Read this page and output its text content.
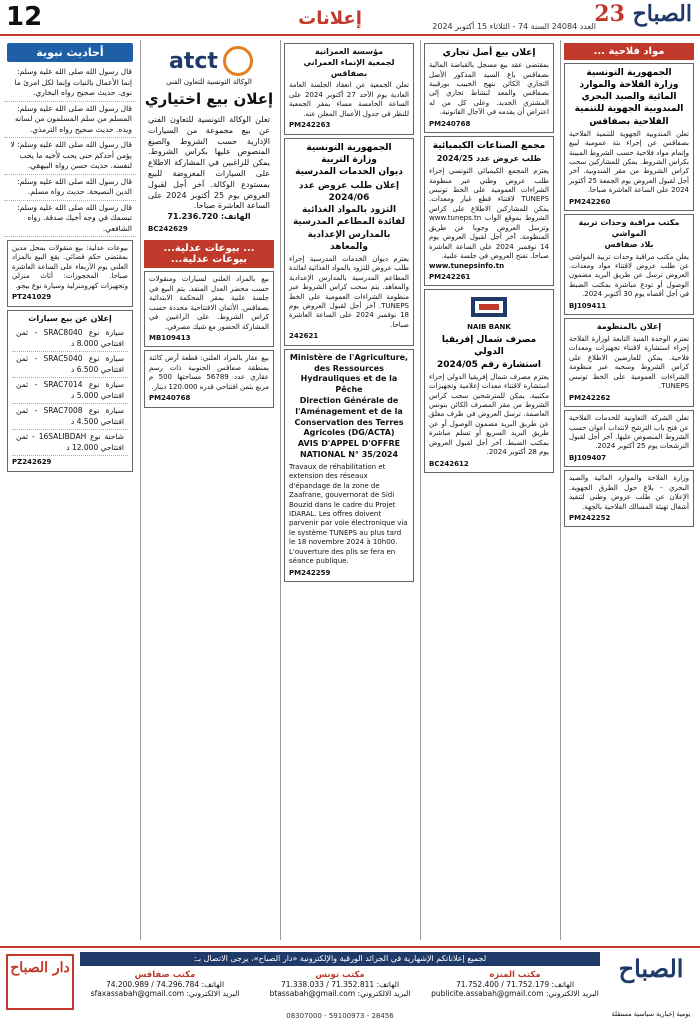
12	إعلانات	23 الصباح
العدد 24084 السنة 74 - الثلاثاء 15 أكتوبر 2024
مواد فلاحية ...
الجمهورية التونسية
وزارة الفلاحة والموارد المائية والصيد البحري
المندوبية الجهوية للتنمية الفلاحية بصفاقس
تعلن المندوبية الجهوية للتنمية الفلاحية بصفاقس عن إجراء بتة عمومية لبيع وإتمام مواد فلاحية حسب الشروط المبينة بكراس الشروط. يمكن للمشاركين سحب كراس الشروط من مقر المندوبية. آخر أجل لقبول العروض يوم الجمعة 25 أكتوبر 2024 على الساعة العاشرة صباحا.
PM242260
مكتب مراقبة وحدات تربية المواشي
بلاد صفاقس
يعلن مكتب مراقبة وحدات تربية المواشي عن طلب عروض لاقتناء مواد ومعدات. العروض ترسل عن طريق البريد مضمون الوصول أو تودع مباشرة بمكتب الضبط في أجل أقصاه يوم 30 أكتوبر 2024.
BJ109411
إعلان بالمنظومة
تعتزم الوحدة الفنية التابعة لوزارة الفلاحة إجراء استشارة لاقتناء تجهيزات ومعدات فلاحية. يمكن للعارضين الاطلاع على كراس الشروط وسحبه عبر منظومة الشراءات العمومية على الخط تونبس TUNEPS.
PM242262
تعلن الشركة التعاونية للخدمات الفلاحية عن فتح باب الترشح لانتداب أعوان حسب الشروط المنصوص عليها. آخر أجل لقبول الترشحات يوم 25 أكتوبر 2024.
BJ109407
وزارة الفلاحة والموارد المائية والصيد البحري - بلاغ حول الطرق الجهوية. الإعلان عن طلب عروض وطني لتنفيذ أشغال تهيئة المسالك الفلاحية بالجهة.
PM242252
إعلان بيع أصل تجاري
بمقتضى عقد بيع مسجل بالقباضة المالية بصفاقس باع السيد المذكور الأصل التجاري الكائن بنهج الحبيب بورقيبة بصفاقس والمعد لنشاط تجاري إلى المشتري الجديد. وعلى كل من له اعتراض أن يقدمه في الآجال القانونية.
PM240768
مجمع الصناعات الكيميائية
طلب عروض عدد 2024/25
يعتزم المجمع الكيميائي التونسي إجراء طلب عروض وطني عبر منظومة الشراءات العمومية على الخط تونبس TUNEPS لاقتناء قطع غيار ومعدات. يمكن للمشاركين الاطلاع على كراس الشروط بموقع الواب www.tuneps.tn وترسل العروض وجوبا عن طريق المنظومة. آخر أجل لقبول العروض يوم 14 نوفمبر 2024 على الساعة العاشرة صباحا. تفتح العروض في جلسة علنية.
www.tunepsinfo.tn
PM242261
NAIB BANK
مصرف شمال إفريقيا الدولي
استشارة رقم 2024/05
يعتزم مصرف شمال إفريقيا الدولي إجراء استشارة لاقتناء معدات إعلامية وتجهيزات مكتبية. يمكن للمترشحين سحب كراس الشروط من مقر المصرف الكائن بتونس العاصمة. ترسل العروض في ظرف مغلق عن طريق البريد مضمون الوصول أو عن طريق البريد السريع أو تسلم مباشرة بمكتب الضبط. آخر أجل لقبول العروض يوم 28 أكتوبر 2024.
BC242612
مؤسسة العمرانية
لجمعية الإنماء العمراني بصفاقس
تعلن الجمعية عن انعقاد الجلسة العامة العادية يوم الأحد 27 أكتوبر 2024 على الساعة الخامسة مساء بمقر الجمعية للنظر في جدول الأعمال المعلن عنه.
PM242263
الجمهورية التونسية
وزارة التربية
ديوان الخدمات المدرسية
إعلان طلب عروض عدد 2024/06
التزود بالمواد الغذائية لفائدة المطاعم المدرسية
بالمدارس الإعدادية والمعاهد
يعتزم ديوان الخدمات المدرسية إجراء طلب عروض للتزود بالمواد الغذائية لفائدة المطاعم المدرسية بالمدارس الإعدادية والمعاهد. يتم سحب كراس الشروط عبر منظومة الشراءات العمومية على الخط TUNEPS. آخر أجل لقبول العروض يوم 18 نوفمبر 2024 على الساعة العاشرة صباحا.
242621
Ministère de l'Agriculture, des Ressources Hydrauliques et de la Pêche
Direction Générale de l'Aménagement et de la Conservation des Terres Agricoles (DG/ACTA)
AVIS D'APPEL D'OFFRE NATIONAL N° 35/2024
Travaux de réhabilitation et extension des réseaux d'épandage de la zone de Zaafrane, gouvernorat de Sidi Bouzid dans le cadre du Projet IDARAL. Les offres doivent parvenir par voie électronique via le système TUNEPS au plus tard le 18 novembre 2024 à 10h00. L'ouverture des plis se fera en séance publique.
PM242259
atct
الوكالة التونسية للتعاون الفني
إعلان بيع اختياري
تعلن الوكالة التونسية للتعاون الفني عن بيع مجموعة من السيارات الإدارية حسب الشروط والصيغ المنصوص عليها بكراس الشروط. يمكن للراغبين في المشاركة الاطلاع على السيارات المعروضة للبيع بمستودع الوكالة. آخر أجل لقبول العروض يوم 25 أكتوبر 2024 على الساعة العاشرة صباحا.
الهاتف: 71.236.720
BC242629
... بيوعات عدلية... بيوعات عدلية...
بيع بالمزاد العلني لسيارات ومنقولات حسب محضر العدل المنفذ. يتم البيع في جلسة علنية بمقر المحكمة الابتدائية بصفاقس. الأثمان الافتتاحية محددة حسب كراس الشروط. على الراغبين في المشاركة الحضور مع شيك مصرفي.
MB109413
بيع عقار بالمزاد العلني: قطعة أرض كائنة بمنطقة صفاقس الجنوبية ذات رسم عقاري عدد 56789 مساحتها 500 م مربع بثمن افتتاحي قدره 120.000 دينار.
PM240768
أحاديث نبوية
قال رسول الله صلى الله عليه وسلم: إنما الأعمال بالنيات وإنما لكل امرئ ما نوى. حديث صحيح رواه البخاري.
قال رسول الله صلى الله عليه وسلم: المسلم من سلم المسلمون من لسانه ويده. حديث صحيح رواه الترمذي.
قال رسول الله صلى الله عليه وسلم: لا يؤمن أحدكم حتى يحب لأخيه ما يحب لنفسه. حديث حسن رواه البيهقي.
قال رسول الله صلى الله عليه وسلم: الدين النصيحة. حديث رواه مسلم.
قال رسول الله صلى الله عليه وسلم: تبسمك في وجه أخيك صدقة. رواه الشافعي.
بيوعات عدلية: بيع منقولات بمحل مدين بمقتضى حكم قضائي. يقع البيع بالمزاد العلني يوم الأربعاء على الساعة العاشرة صباحا. المحجوزات: أثاث منزلي وتجهيزات كهرومنزلية وسيارة نوع بيجو.
PT241029
إعلان عن بيع سيارات
سيارة نوع SRAC8040 - ثمن افتتاحي 8.000 د
سيارة نوع SRAC5040 - ثمن افتتاحي 6.500 د
سيارة نوع SRAC7014 - ثمن افتتاحي 5.000 د
سيارة نوع SRAC7008 - ثمن افتتاحي 4.500 د
شاحنة نوع 16SALIBDAH - ثمن افتتاحي 12.000 د
PZ242629
الصباح
دار الصباح
لجميع إعلاناتكم الإشهارية في الجرائد الورقية والإلكترونية «دار الصباح»، يرجى الاتصال بـ:
مكتب المنزه
الهاتف: 71.752.179 / 71.752.400
البريد الالكتروني: publicite.assabah@gmail.com
مكتب تونس
الهاتف: 71.352.811 / 71.338.033
البريد الالكتروني: btassabah@gmail.com
مكتب صفاقس
الهاتف: 74.296.784 / 74.200.989
البريد الالكتروني: sfaxassabah@gmail.com
08307000 - 59100973 - 28456	يومية إخبارية سياسية مستقلة
